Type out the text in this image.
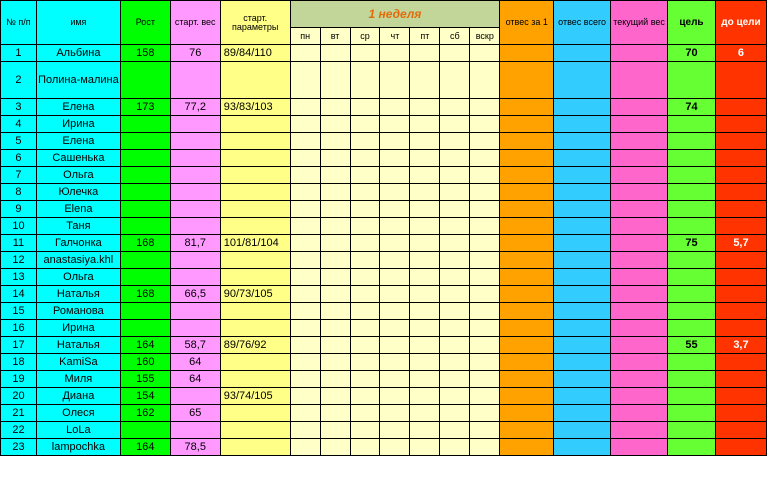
№ п/п	имя	Рост	старт. вес	старт. параметры	1 неделя							отвес за 1	отвес всего	текущий вес	цель	до цели
					пн	вт	ср	чт	пт	сб	вскр					
1	Альбина	158	76	89/84/110											70	6
2	Полина-малина															
3	Елена	173	77,2	93/83/103											74	
4	Ирина															
5	Елена															
6	Сашенька															
7	Ольга															
8	Юлечка															
9	Elena															
10	Таня															
11	Галчонка	168	81,7	101/81/104											75	5,7
12	anastasiya.khl															
13	Ольга															
14	Наталья	168	66,5	90/73/105												
15	Романова															
16	Ирина															
17	Наталья	164	58,7	89/76/92											55	3,7
18	KamiSa	160	64													
19	Миля	155	64													
20	Диана	154		93/74/105												
21	Олеся	162	65													
22	LoLa															
23	lampochka	164	78,5													
